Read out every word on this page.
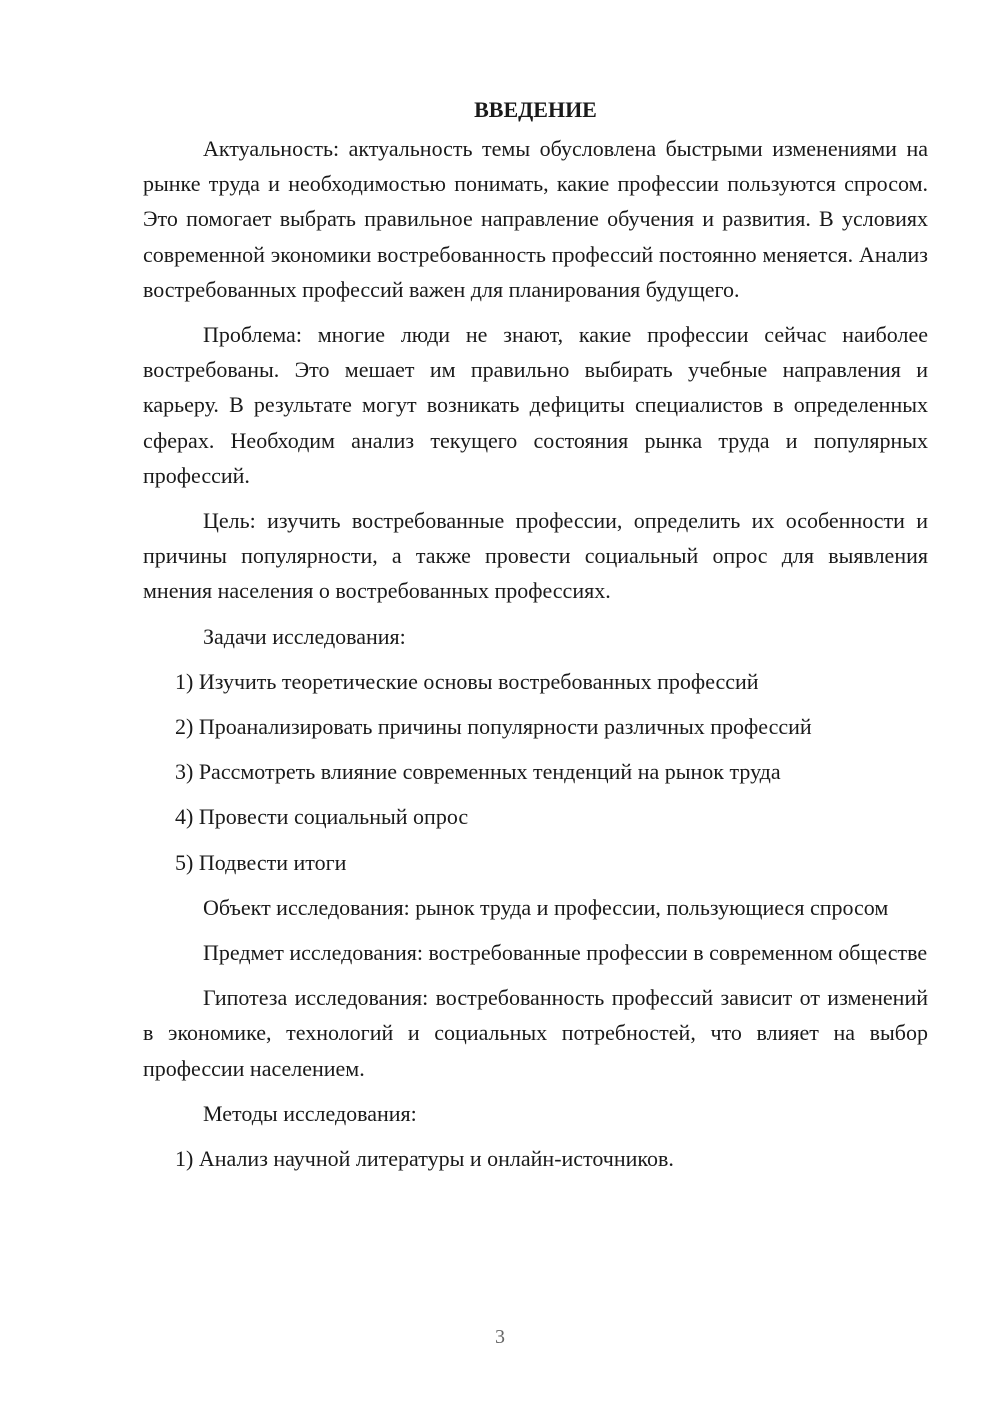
ВВЕДЕНИЕ

Актуальность: актуальность темы обусловлена быстрыми изменениями на рынке труда и необходимостью понимать, какие профессии пользуются спросом. Это помогает выбрать правильное направление обучения и развития. В условиях современной экономики востребованность профессий постоянно меняется. Анализ востребованных профессий важен для планирования будущего.

Проблема: многие люди не знают, какие профессии сейчас наиболее востребованы. Это мешает им правильно выбирать учебные направления и карьеру. В результате могут возникать дефициты специалистов в определенных сферах. Необходим анализ текущего состояния рынка труда и популярных профессий.

Цель: изучить востребованные профессии, определить их особенности и причины популярности, а также провести социальный опрос для выявления мнения населения о востребованных профессиях.

Задачи исследования:

1) Изучить теоретические основы востребованных профессий

2) Проанализировать причины популярности различных профессий

3) Рассмотреть влияние современных тенденций на рынок труда

4) Провести социальный опрос

5) Подвести итоги

Объект исследования: рынок труда и профессии, пользующиеся спросом

Предмет исследования: востребованные профессии в современном обществе

Гипотеза исследования: востребованность профессий зависит от изменений в экономике, технологий и социальных потребностей, что влияет на выбор профессии населением.

Методы исследования:

1) Анализ научной литературы и онлайн-источников.

3
